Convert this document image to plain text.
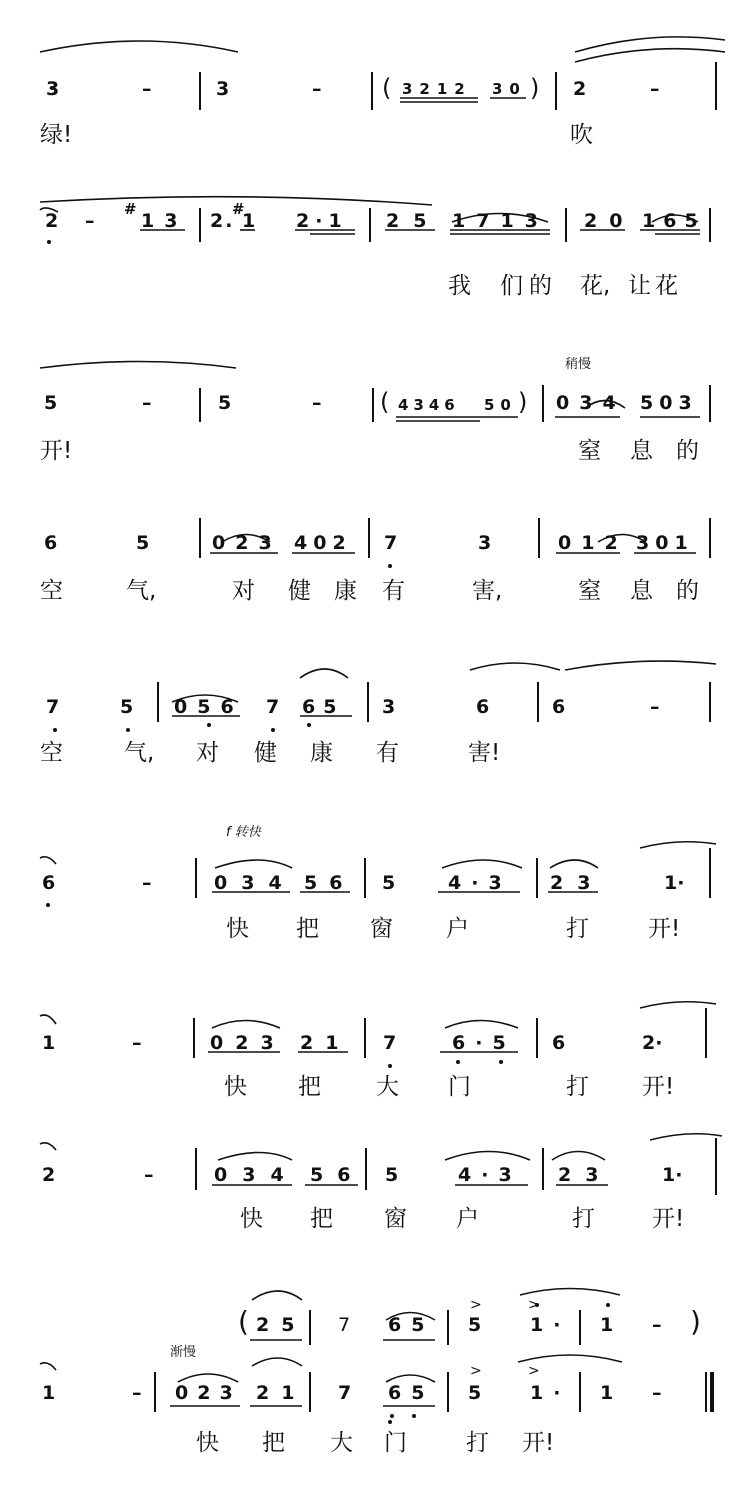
3	–	3	–	( 3212 30 ) 2	–
绿!	吹
2 –
#
13 2.
#
1 2·1 25 1713 20 165
我 们的 花, 让花
5	–	5	– ( 4346 50 ) 034 503
稍慢
开!	窒 息 的
6	5	023 402 7	3	012 301
空	气,	对 健 康 有	害,	窒 息 的
7	5 056 7 65 3	6	6	–
空	气, 对 健 康 有	害!
f 转快
6	–	034 56 5	4·3 23	1·
快 把 窗 户	打	开!
1	–	023 21 7	6·5 6	2·
快 把 大 门	打 开!
2	–	034 56 5	4·3 23	1·
快 把 窗 户	打 开!
( 25 7 65 5	1· 1 – )
>	>
渐慢
1	– 023 21 7 65 5	1· 1 –
>	>
快 把 大 门	打 开!
